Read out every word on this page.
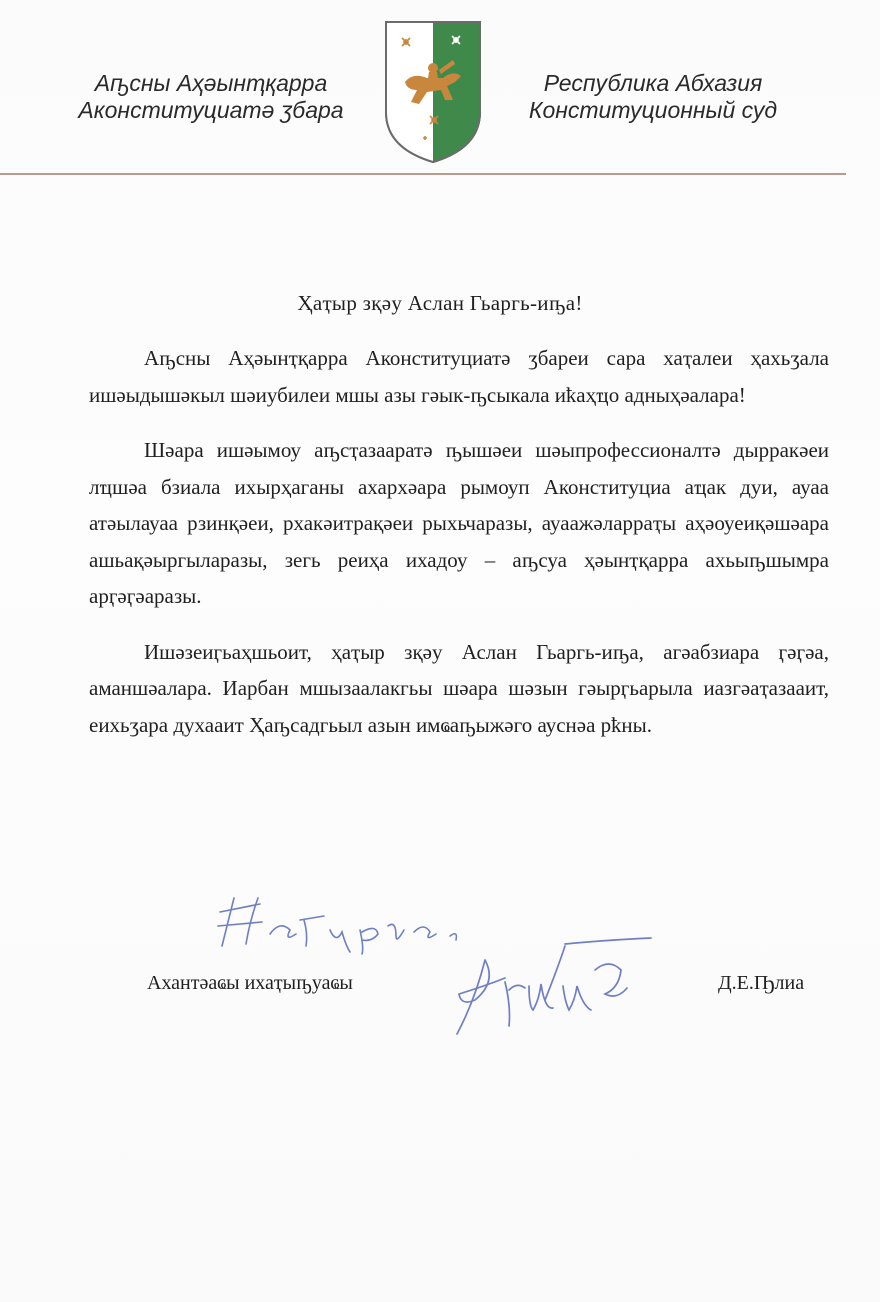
Аҧсны Аҳәынҭқарра
Аконституциатә ӡбара
Республика Абхазия
Конституционный суд
Ҳаҭыр зқәу Аслан Гьаргь-иҧа!

Аҧсны Аҳәынҭқарра Аконституциатә ӡбареи сара хаҭалеи ҳахьӡала ишәыдышәкыл шәиубилеи мшы азы гәык-ҧсыкала иҟаҳҵо адныҳәалара!

Шәара ишәымоу аҧсҭазааратә ҧышәеи шәыпрофессионалтә дырракәеи лҵшәа бзиала ихырҳаганы ахархәара рымоуп Аконституциа аҵак дуи, ауаа атәылауаа рзинқәеи, рхакәитрақәеи рыхьчаразы, ауаажәларраҭы аҳәоуеиқәшәара ашьақәыргыларазы, зегь реиҳа ихадоу – аҧсуа ҳәынҭқарра ахьыҧшымра арӷәӷәаразы.

Ишәзеиӷьаҳшьоит, ҳаҭыр зқәу Аслан Гьаргь-иҧа, агәабзиара ӷәӷәа, аманшәалара. Иарбан мшызаалакгьы шәара шәзын гәырӷьарыла иазгәаҭазааит, еихьӡара духааит Ҳаҧсадгьыл азын имҩаҧыжәго ауснәа рҟны.

Ахантәаҩы ихаҭыҧуаҩы	Д.Е.Ҧлиа
